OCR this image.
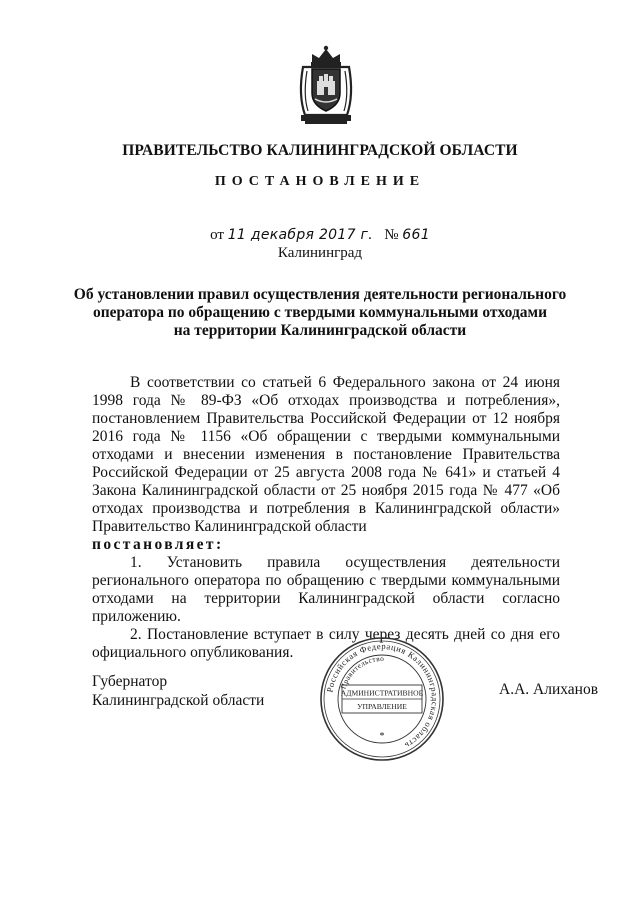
ПРАВИТЕЛЬСТВО КАЛИНИНГРАДСКОЙ ОБЛАСТИ
ПОСТАНОВЛЕНИЕ
от 11 декабря 2017 г. № 661
Калининград
Об установлении правил осуществления деятельности регионального
оператора по обращению с твердыми коммунальными отходами
на территории Калининградской области

В соответствии со статьей 6 Федерального закона от 24 июня 1998 года № 89-ФЗ «Об отходах производства и потребления», постановлением Правительства Российской Федерации от 12 ноября 2016 года № 1156 «Об обращении с твердыми коммунальными отходами и внесении изменения в постановление Правительства Российской Федерации от 25 августа 2008 года № 641» и статьей 4 Закона Калининградской области от 25 ноября 2015 года № 477 «Об отходах производства и потребления в Калининградской области» Правительство Калининградской области

постановляет:

1. Установить правила осуществления деятельности регионального оператора по обращению с твердыми коммунальными отходами на территории Калининградской области согласно приложению.

2. Постановление вступает в силу через десять дней со дня его официального опубликования.

Губернатор
Калининградской области
А.А. Алиханов
Российская Федерация Калининградская область
Правительство
АДМИНИСТРАТИВНОЕ
УПРАВЛЕНИЕ
*
